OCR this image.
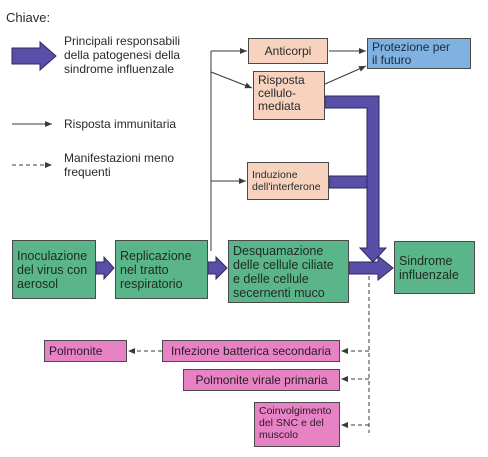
Chiave:
Principali responsabili
della patogenesi della
sindrome influenzale
Risposta immunitaria
Manifestazioni meno
frequenti
Inoculazione
del virus con
aerosol
Replicazione
nel tratto
respiratorio
Desquamazione
delle cellule ciliate
e delle cellule
secernenti muco
Sindrome
influenzale
Anticorpi
Risposta
cellulo-
mediata
Induzione
dell'interferone
Protezione per
il futuro
Infezione batterica secondaria
Polmonite
Polmonite virale primaria
Coinvolgimento
del SNC e del
muscolo
